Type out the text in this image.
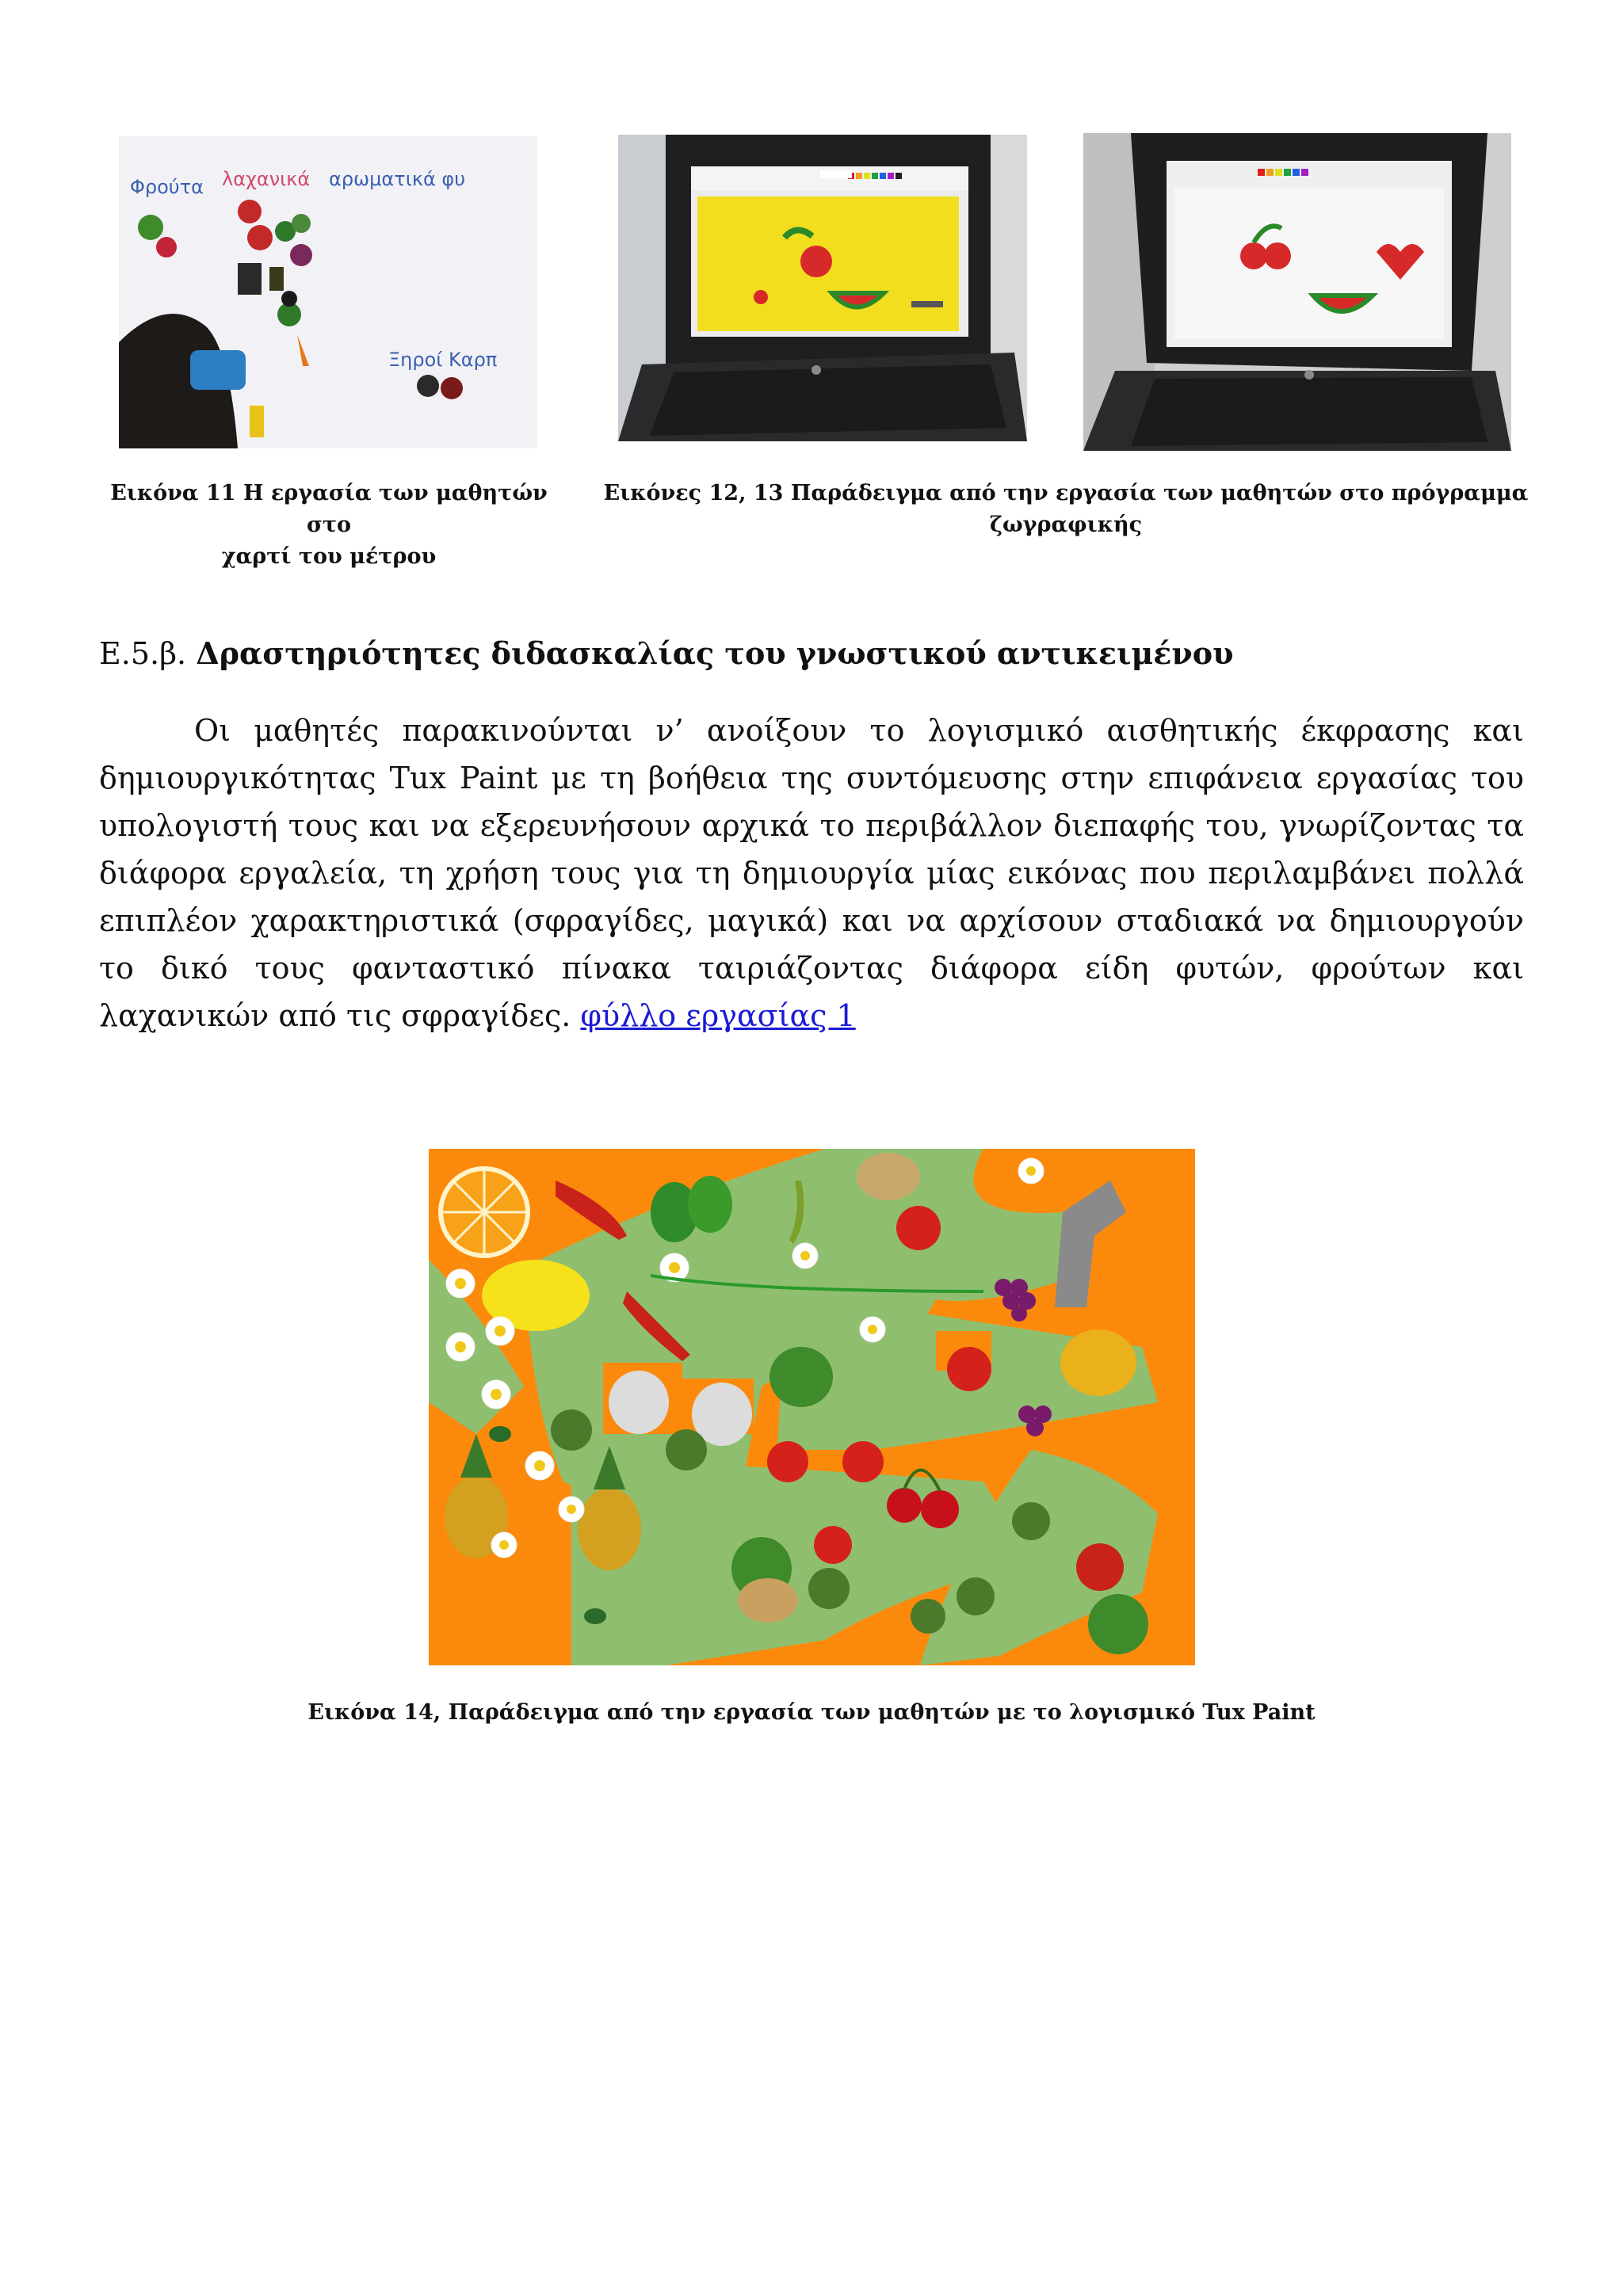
Φρούτα λαχανικά αρωματικά φυ
Ξηροί Καρπ
Εικόνα 11 Η εργασία των μαθητών στο
χαρτί του μέτρου
Εικόνες 12, 13 Παράδειγμα από την εργασία των μαθητών στο πρόγραμμα
ζωγραφικής
Ε.5.β. Δραστηριότητες διδασκαλίας του γνωστικού αντικειμένου
Οι μαθητές παρακινούνται ν’ ανοίξουν το λογισμικό αισθητικής έκφρασης και δημιουργικότητας Tux Paint με τη βοήθεια της συντόμευσης στην επιφάνεια εργασίας του υπολογιστή τους και να εξερευνήσουν αρχικά το περιβάλλον διεπαφής του, γνωρίζοντας τα διάφορα εργαλεία, τη χρήση τους για τη δημιουργία μίας εικόνας που περιλαμβάνει πολλά επιπλέον χαρακτηριστικά (σφραγίδες, μαγικά) και να αρχίσουν σταδιακά να δημιουργούν το δικό τους φανταστικό πίνακα ταιριάζοντας διάφορα είδη φυτών, φρούτων και λαχανικών από τις σφραγίδες. φύλλο εργασίας 1
Εικόνα 14, Παράδειγμα από την εργασία των μαθητών με το λογισμικό Tux Paint
